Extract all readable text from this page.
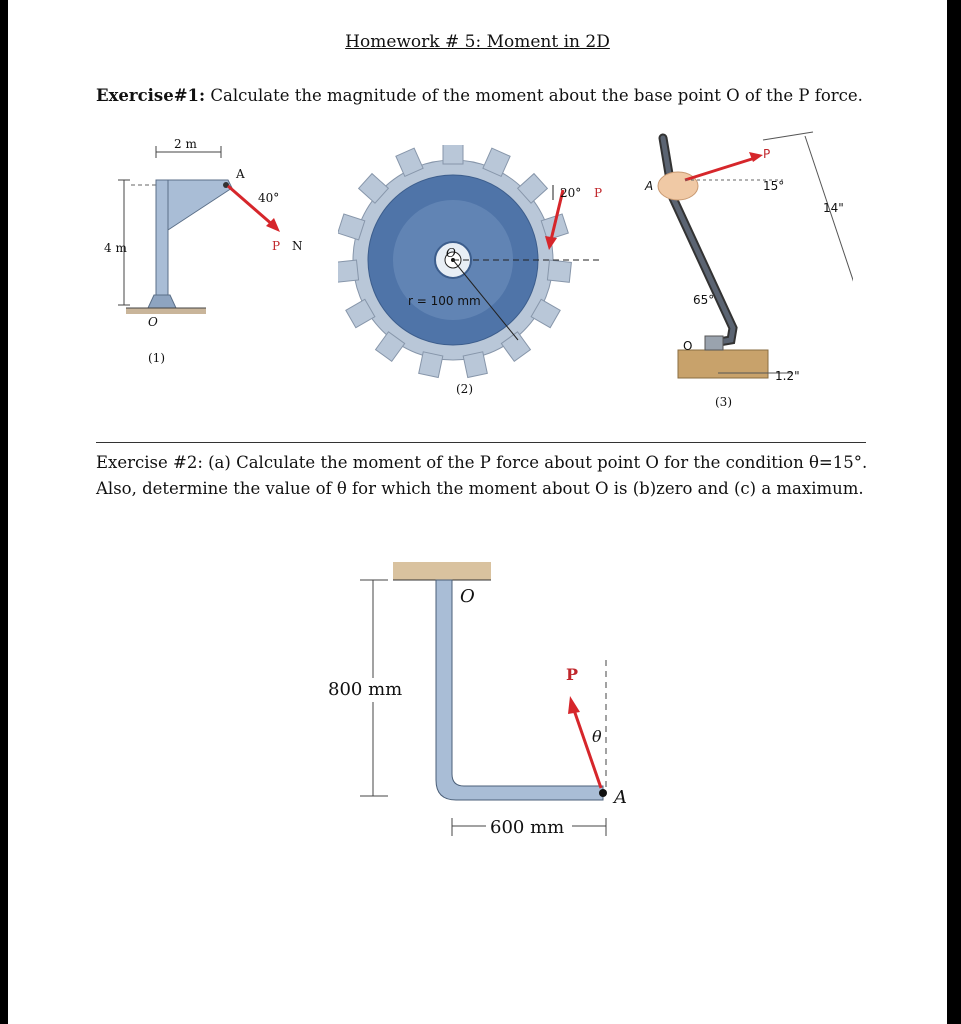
Homework # 5: Moment in 2D
Exercise#1: Calculate the magnitude of the moment about the base point O of the P force.
2 m
4 m
A
40°
P N
O
(1)
O
r = 100 mm
20° P
(2)
A
P
15°
14"
65°
O
1.2"
(3)
Exercise #2: (a) Calculate the moment of the P force about point O for the condition θ=15°.
Also, determine the value of θ for which the moment about O is (b)zero and (c) a maximum.
800 mm
600 mm
P
θ
A
O
